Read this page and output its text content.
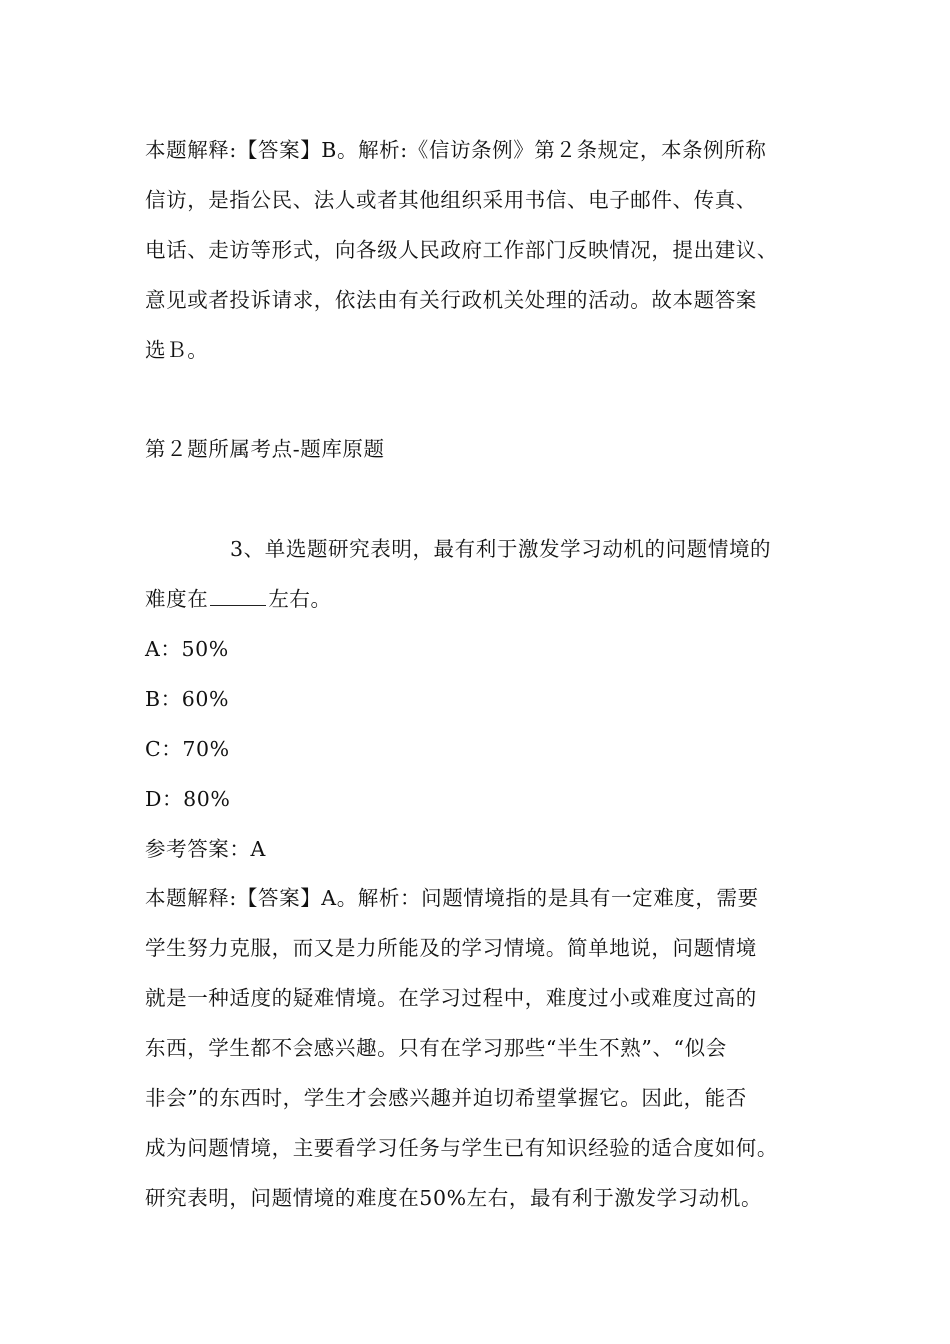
本题解释:【答案】B。解析:《信访条例》第２条规定，本条例所称
信访，是指公民、法人或者其他组织采用书信、电子邮件、传真、
电话、走访等形式，向各级人民政府工作部门反映情况，提出建议、
意见或者投诉请求，依法由有关行政机关处理的活动。故本题答案
选Ｂ。
第２题所属考点-题库原题
3、单选题研究表明，最有利于激发学习动机的问题情境的
难度在	左右。
A：50%
B：60%
C：70%
D：80%
参考答案：A
本题解释:【答案】A。解析：问题情境指的是具有一定难度，需要
学生努力克服，而又是力所能及的学习情境。简单地说，问题情境
就是一种适度的疑难情境。在学习过程中，难度过小或难度过高的
东西，学生都不会感兴趣。只有在学习那些“半生不熟”、“似会
非会”的东西时，学生才会感兴趣并迫切希望掌握它。因此，能否
成为问题情境，主要看学习任务与学生已有知识经验的适合度如何。
研究表明，问题情境的难度在50%左右，最有利于激发学习动机。
